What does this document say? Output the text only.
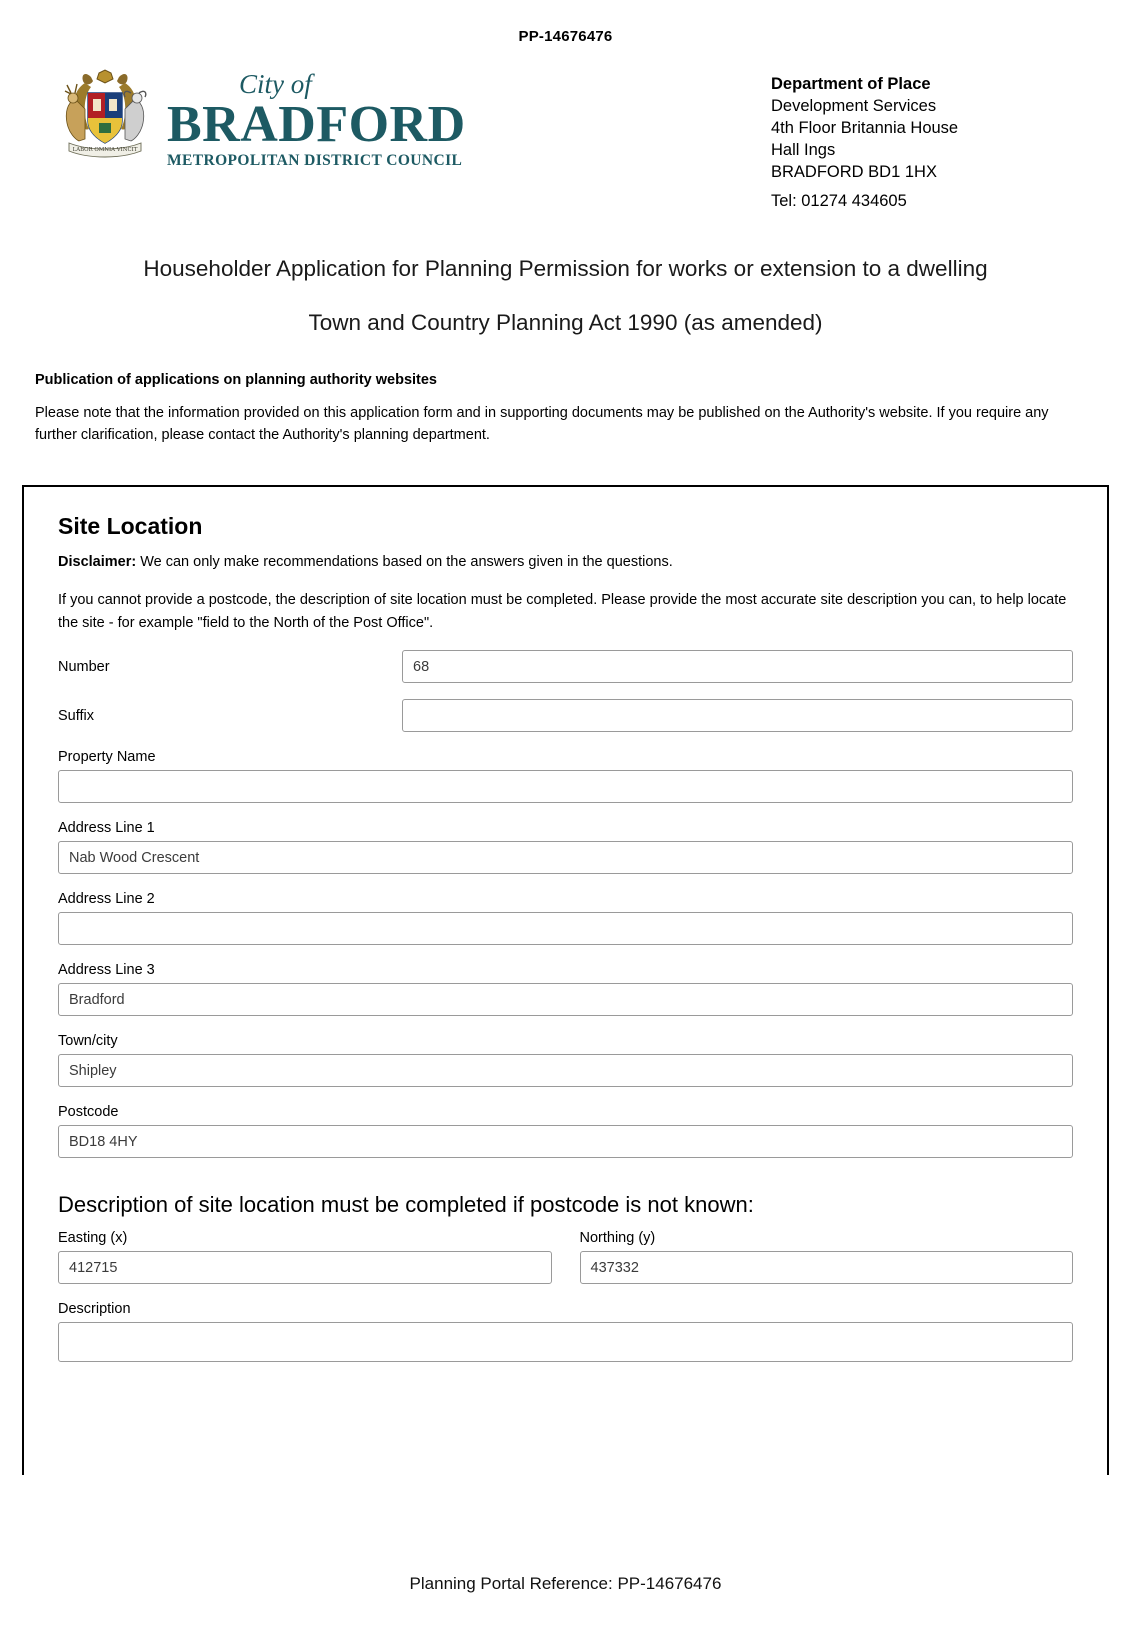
PP-14676476
LABOR OMNIA VINCIT
City of
BRADFORD
METROPOLITAN DISTRICT COUNCIL
Department of Place
Development Services
4th Floor Britannia House
Hall Ings
BRADFORD BD1 1HX
Tel: 01274 434605
Householder Application for Planning Permission for works or extension to a dwelling
Town and Country Planning Act 1990 (as amended)
Publication of applications on planning authority websites
Please note that the information provided on this application form and in supporting documents may be published on the Authority's website. If you require any further clarification, please contact the Authority's planning department.
Site Location
Disclaimer: We can only make recommendations based on the answers given in the questions.
If you cannot provide a postcode, the description of site location must be completed. Please provide the most accurate site description you can, to help locate the site - for example "field to the North of the Post Office".
Number	68
Suffix
Property Name
Address Line 1
Nab Wood Crescent
Address Line 2
Address Line 3
Bradford
Town/city
Shipley
Postcode
BD18 4HY
Description of site location must be completed if postcode is not known:
Easting (x)
412715
Northing (y)
437332
Description
Planning Portal Reference: PP-14676476
